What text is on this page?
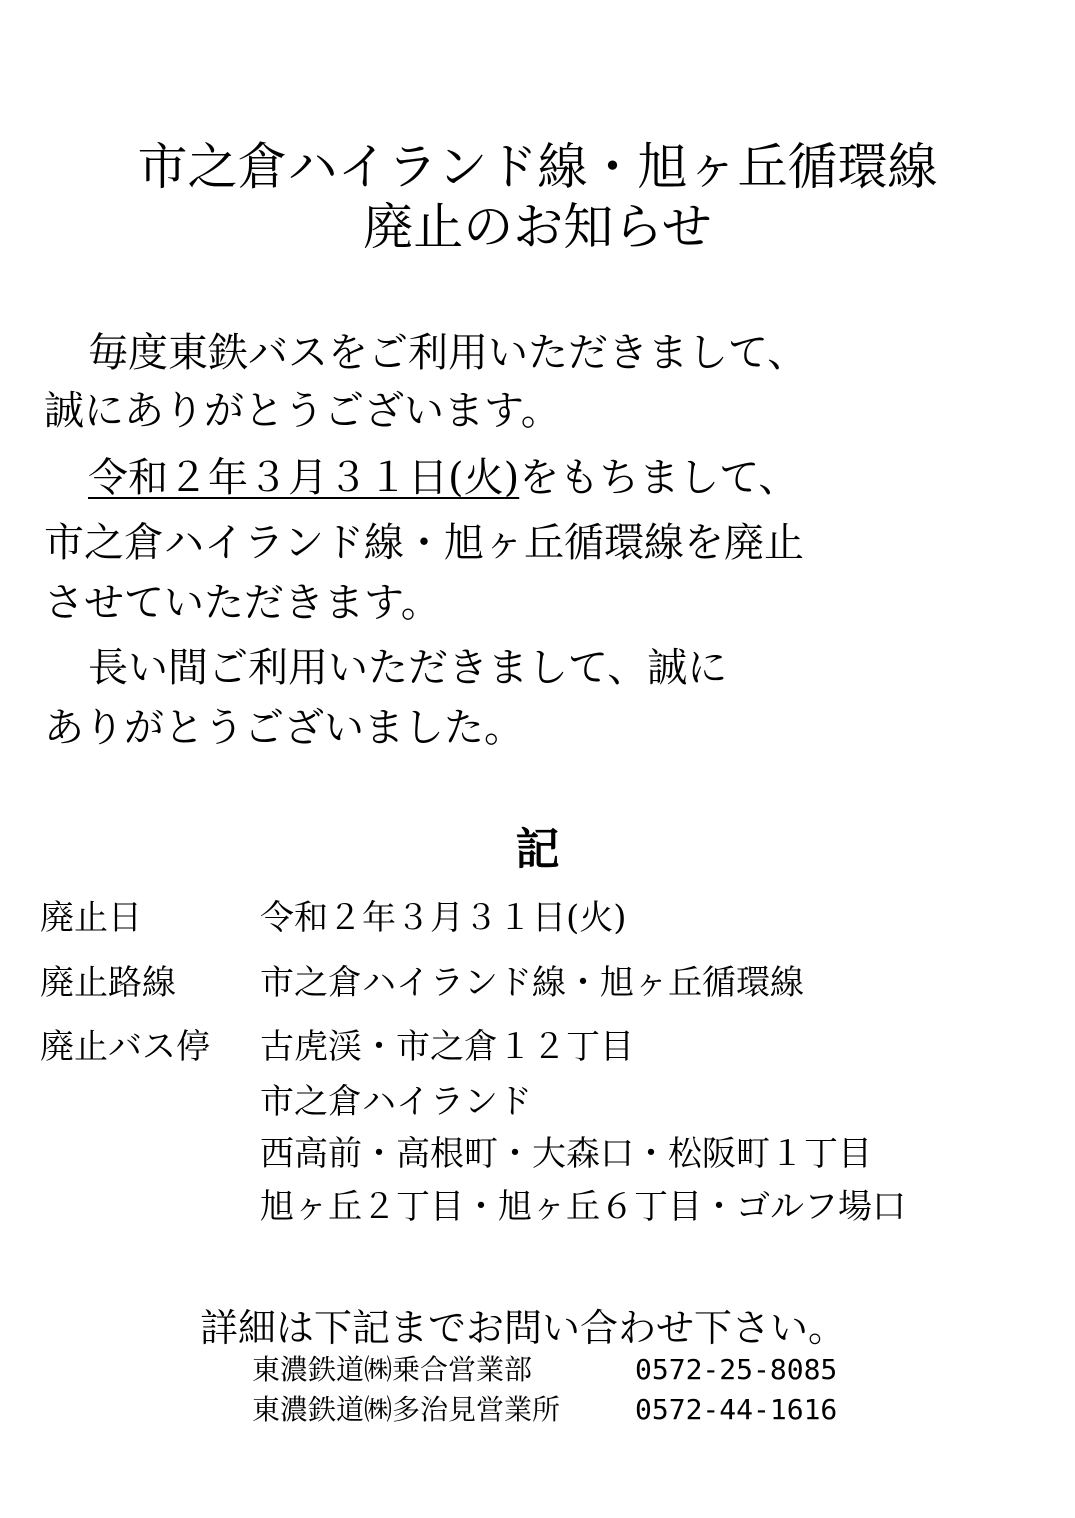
市之倉ハイランド線・旭ヶ丘循環線
廃止のお知らせ

毎度東鉄バスをご利用いただきまして、

誠にありがとうございます。

令和２年３月３１日(火)をもちまして、

市之倉ハイランド線・旭ヶ丘循環線を廃止

させていただきます。

長い間ご利用いただきまして、誠に

ありがとうございました。

記
廃止日	令和２年３月３１日(火)
廃止路線 市之倉ハイランド線・旭ヶ丘循環線
廃止バス停 古虎渓・市之倉１２丁目
市之倉ハイランド
西高前・高根町・大森口・松阪町１丁目
旭ヶ丘２丁目・旭ヶ丘６丁目・ゴルフ場口
詳細は下記までお問い合わせ下さい。
東濃鉄道㈱乗合営業部	0572-25-8085
東濃鉄道㈱多治見営業所	0572-44-1616
